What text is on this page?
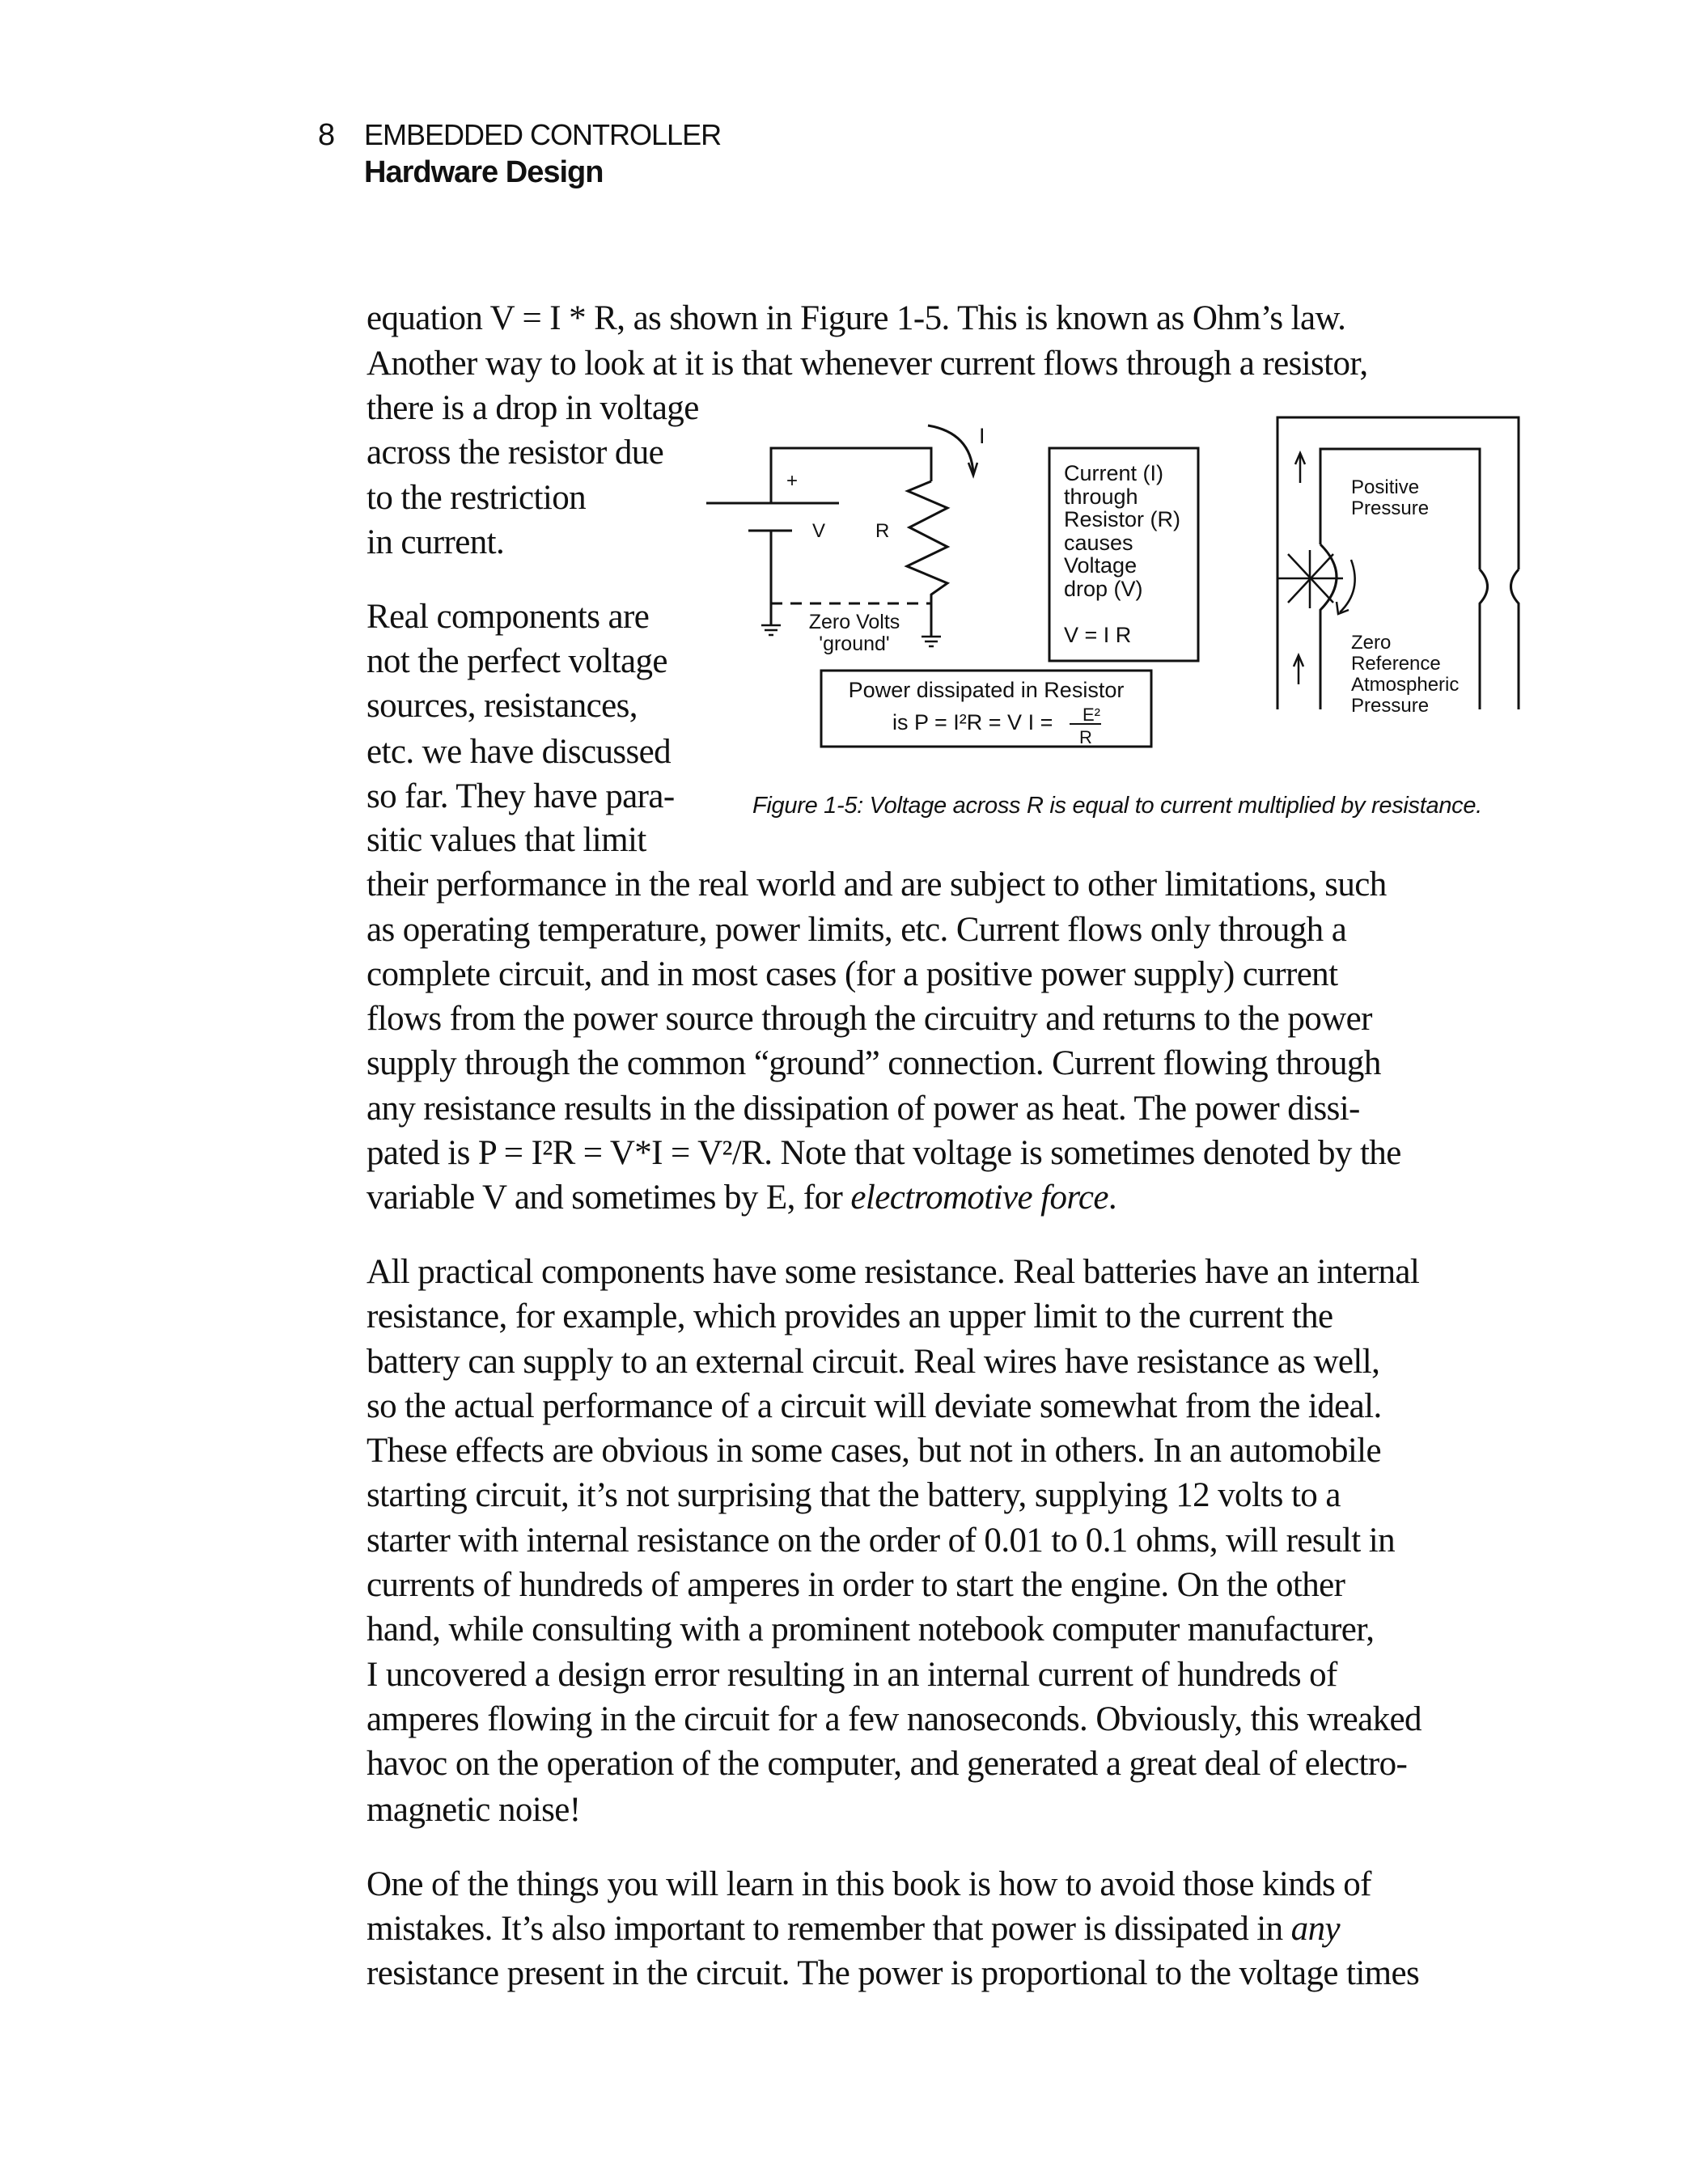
8 EMBEDDED CONTROLLER
Hardware Design
equation V = I * R, as shown in Figure 1-5. This is known as Ohm’s law.
Another way to look at it is that whenever current flows through a resistor,
there is a drop in voltage
across the resistor due
to the restriction
in current.
Real components are
not the perfect voltage
sources, resistances,
etc. we have discussed
so far. They have para-
sitic values that limit
their performance in the real world and are subject to other limitations, such
as operating temperature, power limits, etc. Current flows only through a
complete circuit, and in most cases (for a positive power supply) current
flows from the power source through the circuitry and returns to the power
supply through the common “ground” connection. Current flowing through
any resistance results in the dissipation of power as heat. The power dissi-
pated is P = I²R = V*I = V²/R. Note that voltage is sometimes denoted by the
variable V and sometimes by E, for electromotive force.
All practical components have some resistance. Real batteries have an internal
resistance, for example, which provides an upper limit to the current the
battery can supply to an external circuit. Real wires have resistance as well,
so the actual performance of a circuit will deviate somewhat from the ideal.
These effects are obvious in some cases, but not in others. In an automobile
starting circuit, it’s not surprising that the battery, supplying 12 volts to a
starter with internal resistance on the order of 0.01 to 0.1 ohms, will result in
currents of hundreds of amperes in order to start the engine. On the other
hand, while consulting with a prominent notebook computer manufacturer,
I uncovered a design error resulting in an internal current of hundreds of
amperes flowing in the circuit for a few nanoseconds. Obviously, this wreaked
havoc on the operation of the computer, and generated a great deal of electro-
magnetic noise!
One of the things you will learn in this book is how to avoid those kinds of
mistakes. It’s also important to remember that power is dissipated in any
resistance present in the circuit. The power is proportional to the voltage times
I
+
V	R
Zero Volts
'ground'
Current (I)
through
Resistor (R)
causes
Voltage
drop (V)
V = I R
Power dissipated in Resistor
is P = I²R = V I = E²
R
Positive
Pressure
Zero
Reference
Atmospheric
Pressure
Figure 1-5: Voltage across R is equal to current multiplied by resistance.
